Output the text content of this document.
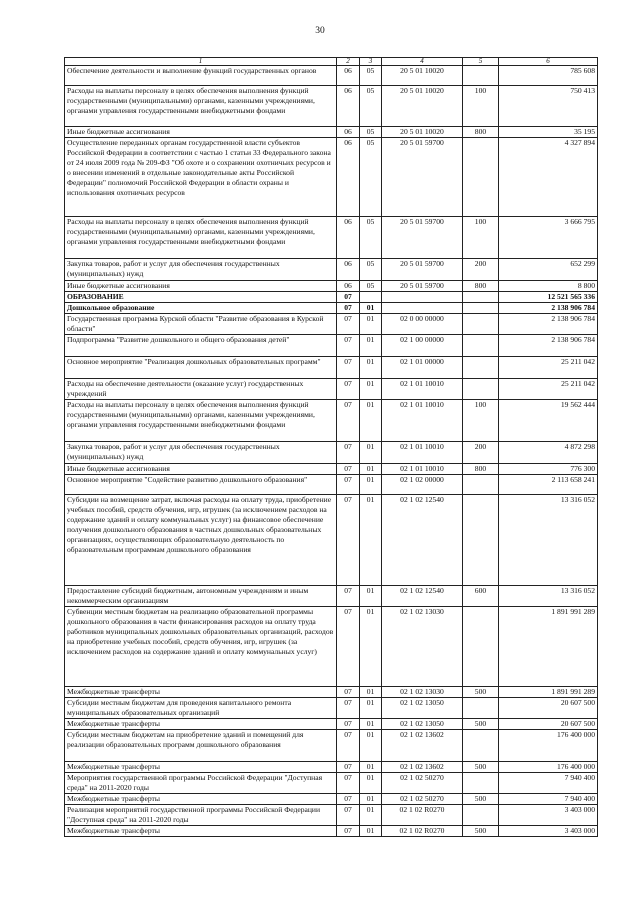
30
1	2	3	4	5	6
Обеспечение деятельности и выполнение функций государственных органов	06	05	20 5 01 10020		785 608
Расходы на выплаты персоналу в целях обеспечения выполнения функций государственными (муниципальными) органами, казенными учреждениями, органами управления государственными внебюджетными фондами	06	05	20 5 01 10020	100	750 413
Иные бюджетные ассигнования	06	05	20 5 01 10020	800	35 195
Осуществление переданных органам государственной власти субъектов Российской Федерации в соответствии с частью 1 статьи 33 Федерального закона от 24 июля 2009 года № 209-ФЗ "Об охоте и о сохранении охотничьих ресурсов и о внесении изменений в отдельные законодательные акты Российской Федерации" полномочий Российской Федерации в области охраны и использования охотничьих ресурсов	06	05	20 5 01 59700		4 327 894
Расходы на выплаты персоналу в целях обеспечения выполнения функций государственными (муниципальными) органами, казенными учреждениями, органами управления государственными внебюджетными фондами	06	05	20 5 01 59700	100	3 666 795
Закупка товаров, работ и услуг для обеспечения государственных (муниципальных) нужд	06	05	20 5 01 59700	200	652 299
Иные бюджетные ассигнования	06	05	20 5 01 59700	800	8 800
ОБРАЗОВАНИЕ	07				12 521 565 336
Дошкольное образование	07	01			2 138 906 784
Государственная программа Курской области "Развитие образования в Курской области"	07	01	02 0 00 00000		2 138 906 784
Подпрограмма "Развитие дошкольного и общего образования детей"	07	01	02 1 00 00000		2 138 906 784
Основное мероприятие "Реализация дошкольных образовательных программ"	07	01	02 1 01 00000		25 211 042
Расходы на обеспечение деятельности (оказание услуг) государственных учреждений	07	01	02 1 01 10010		25 211 042
Расходы на выплаты персоналу в целях обеспечения выполнения функций государственными (муниципальными) органами, казенными учреждениями, органами управления государственными внебюджетными фондами	07	01	02 1 01 10010	100	19 562 444
Закупка товаров, работ и услуг для обеспечения государственных (муниципальных) нужд	07	01	02 1 01 10010	200	4 872 298
Иные бюджетные ассигнования	07	01	02 1 01 10010	800	776 300
Основное мероприятие "Содействие развитию дошкольного образования"	07	01	02 1 02 00000		2 113 658 241
Субсидии на возмещение затрат, включая расходы на оплату труда, приобретение учебных пособий, средств обучения, игр, игрушек (за исключением расходов на содержание зданий и оплату коммунальных услуг) на финансовое обеспечение получения дошкольного образования в частных дошкольных образовательных организациях, осуществляющих образовательную деятельность по образовательным программам дошкольного образования	07	01	02 1 02 12540		13 316 052
Предоставление субсидий бюджетным, автономным учреждениям и иным некоммерческим организациям	07	01	02 1 02 12540	600	13 316 052
Субвенции местным бюджетам на реализацию образовательной программы дошкольного образования в части финансирования расходов на оплату труда работников муниципальных дошкольных образовательных организаций, расходов на приобретение учебных пособий, средств обучения, игр, игрушек (за исключением расходов на содержание зданий и оплату коммунальных услуг)	07	01	02 1 02 13030		1 891 991 289
Межбюджетные трансферты	07	01	02 1 02 13030	500	1 891 991 289
Субсидии местным бюджетам для проведения капитального ремонта муниципальных образовательных организаций	07	01	02 1 02 13050		20 607 500
Межбюджетные трансферты	07	01	02 1 02 13050	500	20 607 500
Субсидии местным бюджетам на приобретение зданий и помещений для реализации образовательных программ дошкольного образования	07	01	02 1 02 13602		176 400 000
Межбюджетные трансферты	07	01	02 1 02 13602	500	176 400 000
Мероприятия государственной программы Российской Федерации "Доступная среда" на 2011-2020 годы	07	01	02 1 02 50270		7 940 400
Межбюджетные трансферты	07	01	02 1 02 50270	500	7 940 400
Реализация мероприятий государственной программы Российской Федерации "Доступная среда" на 2011-2020 годы	07	01	02 1 02 R0270		3 403 000
Межбюджетные трансферты	07	01	02 1 02 R0270	500	3 403 000
